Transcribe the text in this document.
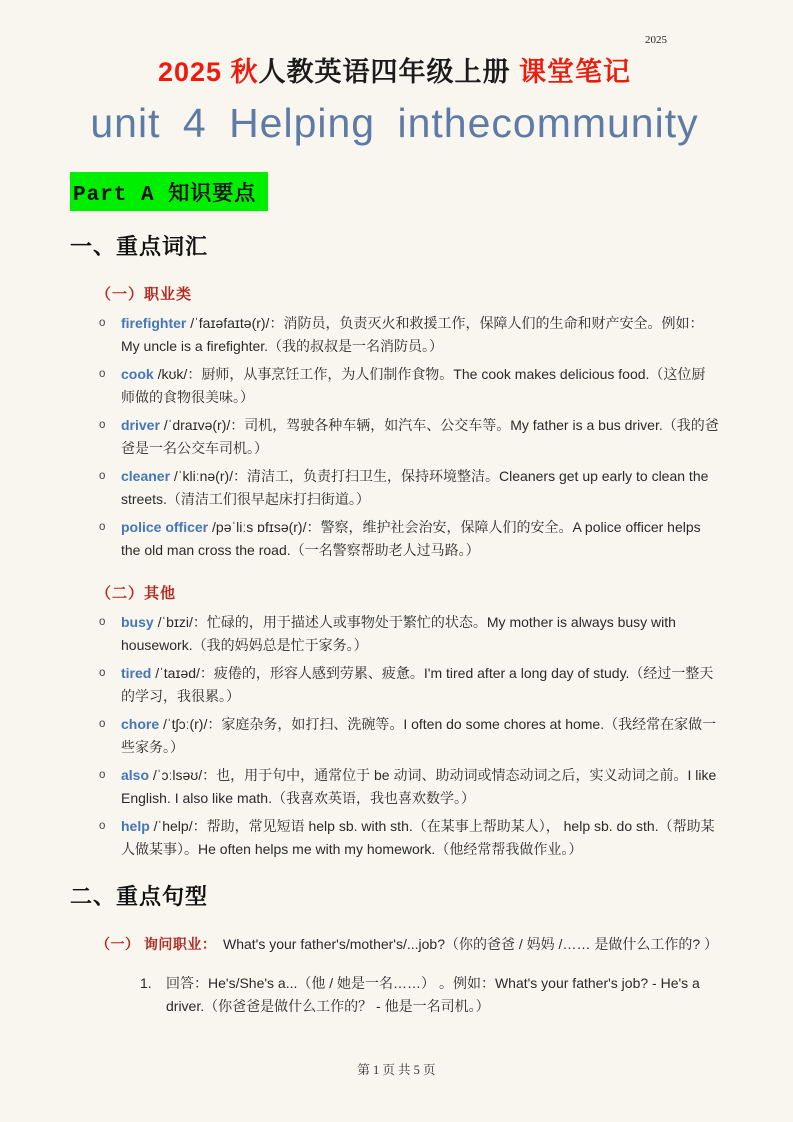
2025
2025 秋人教英语四年级上册 课堂笔记
unit 4 Helping inthecommunity
Part A 知识要点
一、重点词汇
（一）职业类
o firefighter /ˈfaɪəfaɪtə(r)/：消防员，负责灭火和救援工作，保障人们的生命和财产安全。例如：My uncle is a firefighter.（我的叔叔是一名消防员。）
o cook /kʊk/：厨师，从事烹饪工作，为人们制作食物。The cook makes delicious food.（这位厨师做的食物很美味。）
o driver /ˈdraɪvə(r)/：司机，驾驶各种车辆，如汽车、公交车等。My father is a bus driver.（我的爸爸是一名公交车司机。）
o cleaner /ˈkliːnə(r)/：清洁工，负责打扫卫生，保持环境整洁。Cleaners get up early to clean the streets.（清洁工们很早起床打扫街道。）
o police officer /pəˈliːs ɒfɪsə(r)/：警察，维护社会治安，保障人们的安全。A police officer helps the old man cross the road.（一名警察帮助老人过马路。）
（二）其他
o busy /ˈbɪzi/：忙碌的，用于描述人或事物处于繁忙的状态。My mother is always busy with housework.（我的妈妈总是忙于家务。）
o tired /ˈtaɪəd/：疲倦的，形容人感到劳累、疲惫。I'm tired after a long day of study.（经过一整天的学习，我很累。）
o chore /ˈtʃɔː(r)/：家庭杂务，如打扫、洗碗等。I often do some chores at home.（我经常在家做一些家务。）
o also /ˈɔːlsəʊ/：也，用于句中，通常位于 be 动词、助动词或情态动词之后，实义动词之前。I like English. I also like math.（我喜欢英语，我也喜欢数学。）
o help /ˈhelp/：帮助，常见短语 help sb. with sth.（在某事上帮助某人）， help sb. do sth.（帮助某人做某事）。He often helps me with my homework.（他经常帮我做作业。）
二、重点句型
（一） 询问职业： What's your father's/mother's/...job?（你的爸爸 / 妈妈 /…… 是做什么工作的? ）
1. 回答：He's/She's a...（他 / 她是一名……） 。例如：What's your father's job? - He's a driver.（你爸爸是做什么工作的？ - 他是一名司机。）
第 1 页 共 5 页
